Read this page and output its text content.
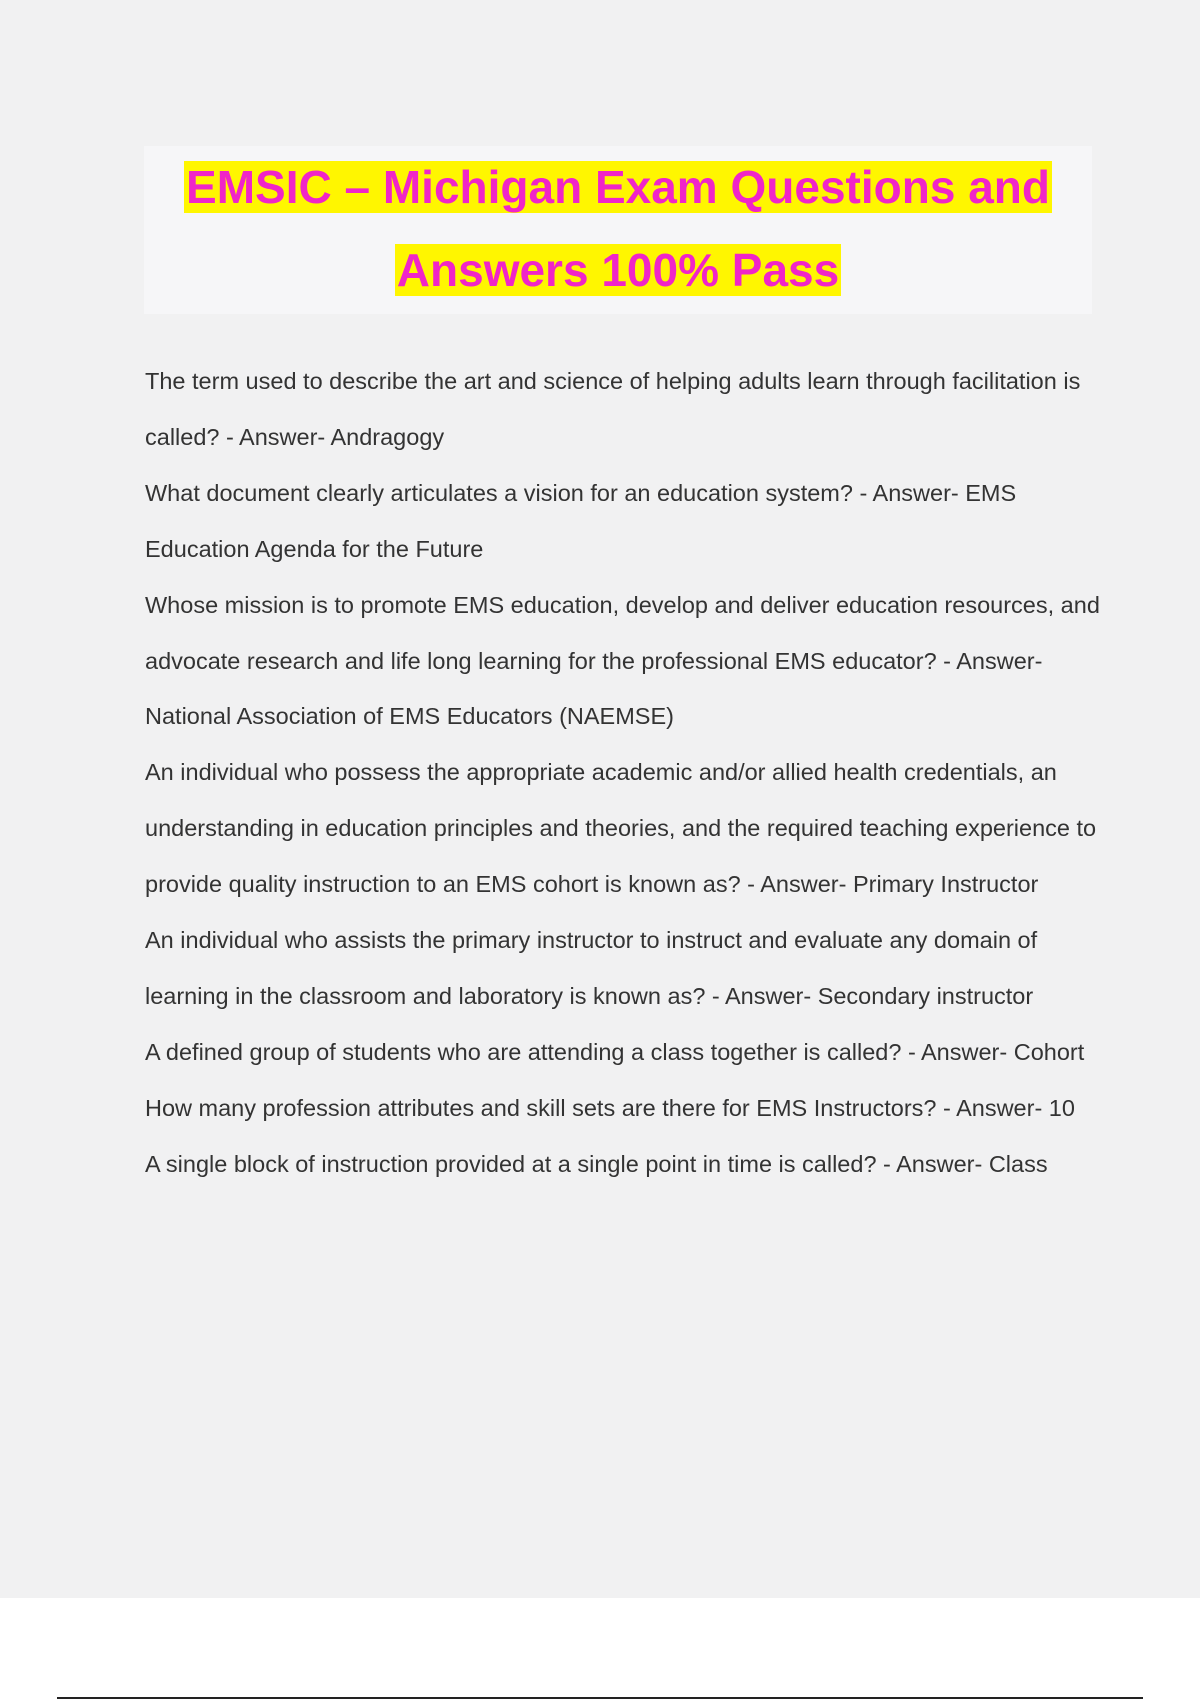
EMSIC – Michigan Exam Questions and
Answers 100% Pass

The term used to describe the art and science of helping adults learn through facilitation is called? - Answer- Andragogy

What document clearly articulates a vision for an education system? - Answer- EMS Education Agenda for the Future

Whose mission is to promote EMS education, develop and deliver education resources, and advocate research and life long learning for the professional EMS educator? - Answer- National Association of EMS Educators (NAEMSE)

An individual who possess the appropriate academic and/or allied health credentials, an understanding in education principles and theories, and the required teaching experience to provide quality instruction to an EMS cohort is known as? - Answer- Primary Instructor

An individual who assists the primary instructor to instruct and evaluate any domain of learning in the classroom and laboratory is known as? - Answer- Secondary instructor

A defined group of students who are attending a class together is called? - Answer- Cohort

How many profession attributes and skill sets are there for EMS Instructors? - Answer- 10

A single block of instruction provided at a single point in time is called? - Answer- Class
